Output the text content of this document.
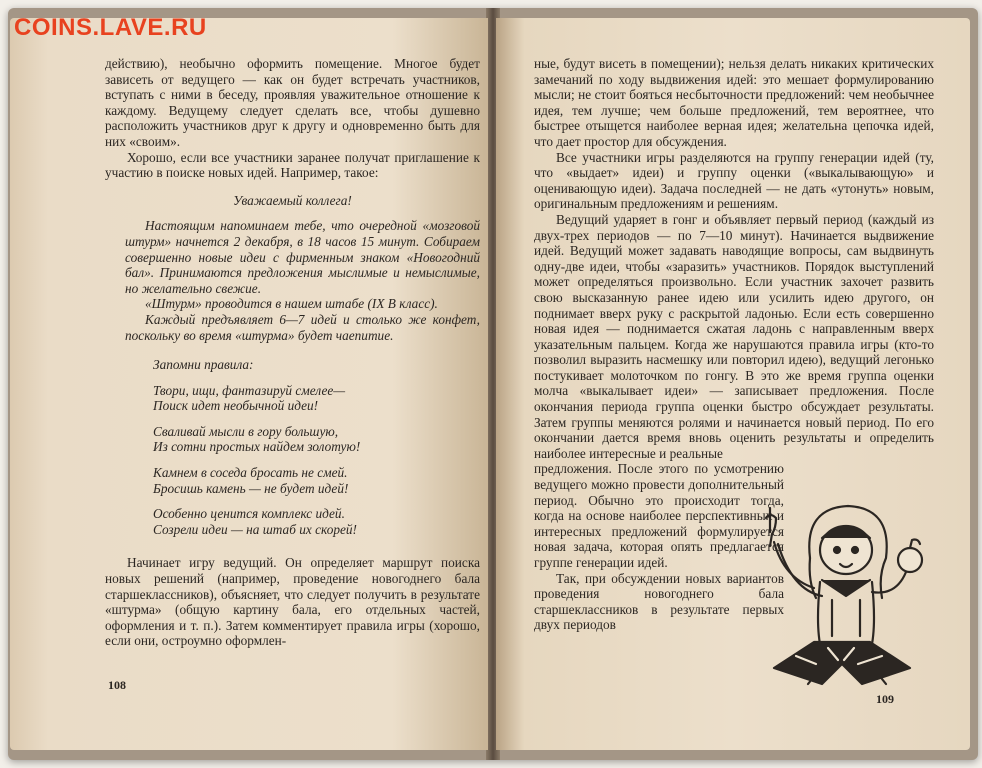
действию), необычно оформить помещение. Многое будет зависеть от ведущего — как он будет встречать участников, вступать с ними в беседу, проявляя уважительное отношение к каждому. Ведущему следует сделать все, чтобы душевно расположить участников друг к другу и одновременно быть для них «своим».

Хорошо, если все участники заранее получат приглашение к участию в поиске новых идей. Например, такое:

Уважаемый коллега!

Настоящим напоминаем тебе, что очередной «мозговой штурм» начнется 2 декабря, в 18 часов 15 минут. Собираем совершенно новые идеи с фирменным знаком «Новогодний бал». Принимаются предложения мыслимые и немыслимые, но желательно свежие.

«Штурм» проводится в нашем штабе (IX В класс).

Каждый предъявляет 6—7 идей и столько же конфет, поскольку во время «штурма» будет чаепитие.

Запомни правила:

Твори, ищи, фантазируй смелее—

Поиск идет необычной идеи!

Сваливай мысли в гору большую,

Из сотни простых найдем золотую!

Камнем в соседа бросать не смей.

Бросишь камень — не будет идей!

Особенно ценится комплекс идей.

Созрели идеи — на штаб их скорей!

Начинает игру ведущий. Он определяет маршрут поиска новых решений (например, проведение новогоднего бала старшеклассников), объясняет, что следует получить в результате «штурма» (общую картину бала, его отдельных частей, оформления и т. п.). Затем комментирует правила игры (хорошо, если они, остроумно оформлен-

108

ные, будут висеть в помещении); нельзя делать никаких критических замечаний по ходу выдвижения идей: это мешает формулированию мысли; не стоит бояться несбыточности предложений: чем необычнее идея, тем лучше; чем больше предложений, тем вероятнее, что быстрее отыщется наиболее верная идея; желательна цепочка идей, что дает простор для обсуждения.

Все участники игры разделяются на группу генерации идей (ту, что «выдает» идеи) и группу оценки («выкалывающую» и оценивающую идеи). Задача последней — не дать «утонуть» новым, оригинальным предложениям и решениям.

Ведущий ударяет в гонг и объявляет первый период (каждый из двух-трех периодов — по 7—10 минут). Начинается выдвижение идей. Ведущий может задавать наводящие вопросы, сам выдвинуть одну-две идеи, чтобы «заразить» участников. Порядок выступлений может определяться произвольно. Если участник захочет развить свою высказанную ранее идею или усилить идею другого, он поднимает вверх руку с раскрытой ладонью. Если есть совершенно новая идея — поднимается сжатая ладонь с направленным вверх указательным пальцем. Когда же нарушаются правила игры (кто-то позволил выразить насмешку или повторил идею), ведущий легонько постукивает молоточком по гонгу. В это же время группа оценки молча «выкалывает идеи» — записывает предложения. После окончания периода группа оценки быстро обсуждает результаты. Затем группы меняются ролями и начинается новый период. По его окончании дается время вновь оценить результаты и определить наиболее интересные и реальные

предложения. После этого по усмотрению ведущего можно провести дополнительный период. Обычно это происходит тогда, когда на основе наиболее перспективных и интересных предложений формулируется новая задача, которая опять предлагается группе генерации идей.

Так, при обсуждении новых вариантов проведения новогоднего бала старшеклассников в результате первых двух периодов

109
COINS.LAVE.RU
